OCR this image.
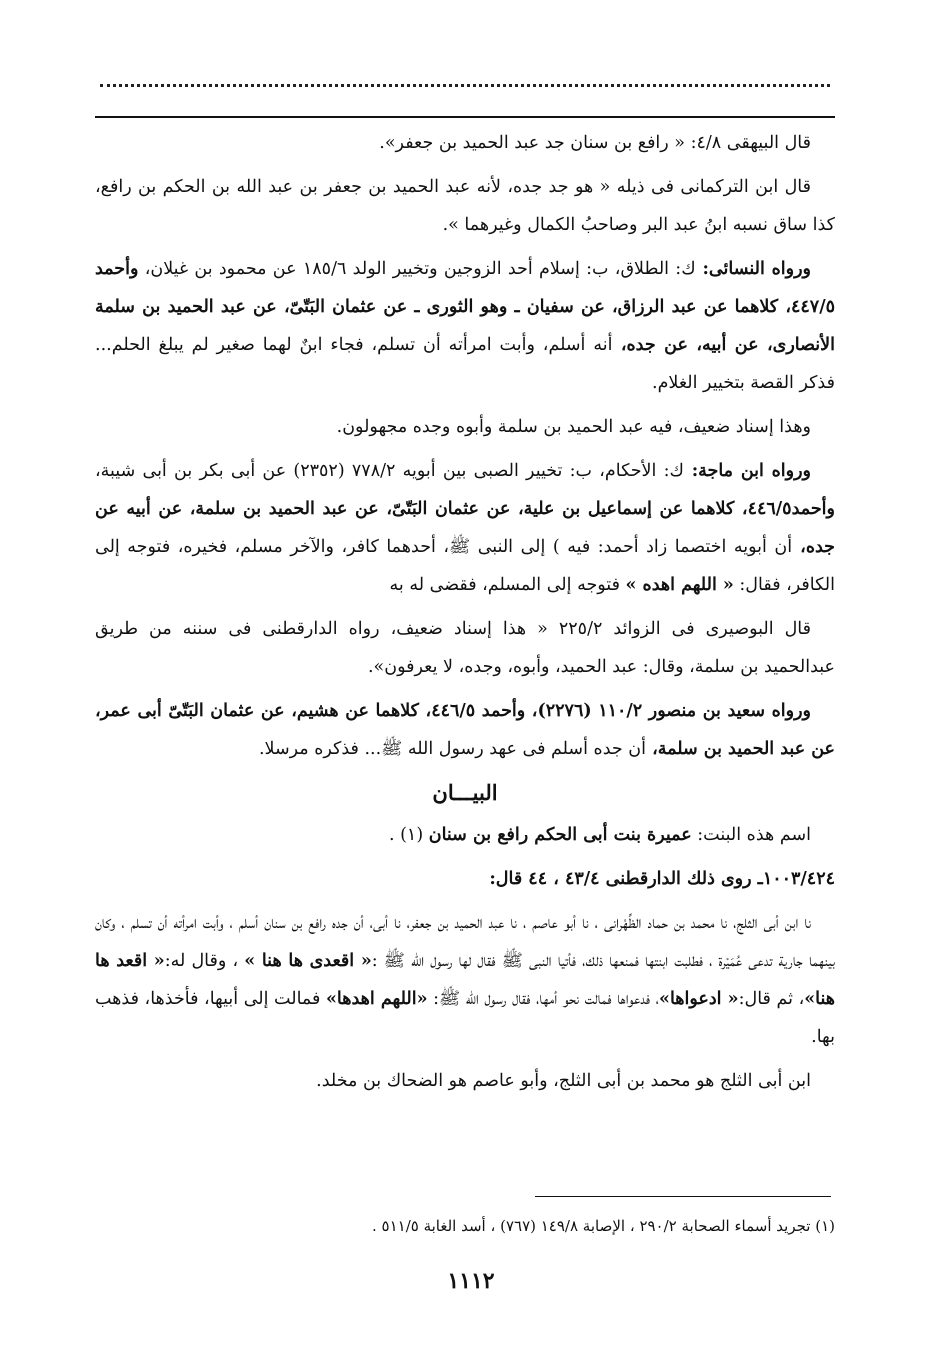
قال البيهقى ٤/٨: « رافع بن سنان جد عبد الحميد بن جعفر».

قال ابن التركمانى فى ذيله « هو جد جده، لأنه عبد الحميد بن جعفر بن عبد الله بن الحكم بن رافع، كذا ساق نسبه ابنُ عبد البر وصاحبُ الكمال وغيرهما ».

ورواه النسائى: ك: الطلاق، ب: إسلام أحد الزوجين وتخيير الولد ١٨٥/٦ عن محمود بن غيلان، وأحمد ٤٤٧/٥، كلاهما عن عبد الرزاق، عن سفيان ـ وهو الثورى ـ عن عثمان البَتّىّ، عن عبد الحميد بن سلمة الأنصارى، عن أبيه، عن جده، أنه أسلم، وأبت امرأته أن تسلم، فجاء ابنٌ لهما صغير لم يبلغ الحلم... فذكر القصة بتخيير الغلام.

وهذا إسناد ضعيف، فيه عبد الحميد بن سلمة وأبوه وجده مجهولون.

ورواه ابن ماجة: ك: الأحكام، ب: تخيير الصبى بين أبويه ٧٧٨/٢ (٢٣٥٢) عن أبى بكر بن أبى شيبة، وأحمد٤٤٦/٥، كلاهما عن إسماعيل بن علية، عن عثمان البَتّىّ، عن عبد الحميد بن سلمة، عن أبيه عن جده، أن أبويه اختصما زاد أحمد: فيه ) إلى النبى ﷺ، أحدهما كافر، والآخر مسلم، فخيره، فتوجه إلى الكافر، فقال: « اللهم اهده » فتوجه إلى المسلم، فقضى له به

قال البوصيرى فى الزوائد ٢٢٥/٢ « هذا إسناد ضعيف، رواه الدارقطنى فى سننه من طريق عبدالحميد بن سلمة، وقال: عبد الحميد، وأبوه، وجده، لا يعرفون».

ورواه سعيد بن منصور ١١٠/٢ (٢٢٧٦)، وأحمد ٤٤٦/٥، كلاهما عن هشيم، عن عثمان البَتّىّ أبى عمر، عن عبد الحميد بن سلمة، أن جده أسلم فى عهد رسول الله ﷺ... فذكره مرسلا.

البيـــان

اسم هذه البنت: عميرة بنت أبى الحكم رافع بن سنان (١) .

١٠٠٣/٤٢٤ـ روى ذلك الدارقطنى ٤٣/٤ ، ٤٤ قال:

نا ابن أبى الثلج، نا محمد بن حماد الظِّهْرانى ، نا أبو عاصم ، نا عبد الحميد بن جعفر، نا أبى، أن جده رافع بن سنان أسلم ، وأبت امرأته أن تسلم ، وكان بينهما جارية تدعى عُمَيْرة ، فطلبت ابنتها فمنعها ذلك، فأتيا النبى ﷺ فقال لها رسول الله ﷺ :« اقعدى ها هنا » ، وقال له:« اقعد ها هنا»، ثم قال:« ادعواها»، فدعواها فمالت نحو أمها، فقال رسول الله ﷺ: «اللهم اهدها» فمالت إلى أبيها، فأخذها، فذهب بها.

ابن أبى الثلج هو محمد بن أبى الثلج، وأبو عاصم هو الضحاك بن مخلد.

(١) تجريد أسماء الصحابة ٢٩٠/٢ ، الإصابة ١٤٩/٨ (٧٦٧) ، أسد الغابة ٥١١/٥ .
١١١٢
